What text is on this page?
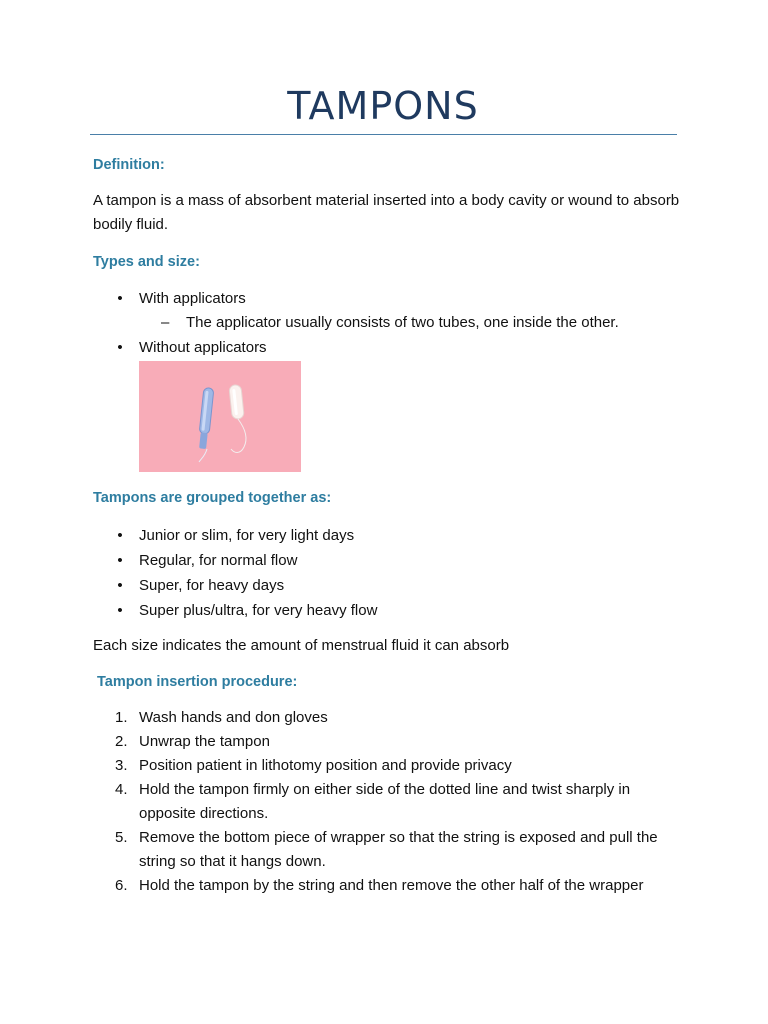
TAMPONS
Definition:

A tampon is a mass of absorbent material inserted into a body cavity or wound to absorb bodily fluid.

Types and size:
• With applicators

– The applicator usually consists of two tubes, one inside the other.

• Without applicators
Tampons are grouped together as:
• Junior or slim, for very light days
• Regular, for normal flow
• Super, for heavy days
• Super plus/ultra, for very heavy flow

Each size indicates the amount of menstrual fluid it can absorb

Tampon insertion procedure:
1. Wash hands and don gloves
2. Unwrap the tampon
3. Position patient in lithotomy position and provide privacy
4. Hold the tampon firmly on either side of the dotted line and twist sharply in opposite directions.
5. Remove the bottom piece of wrapper so that the string is exposed and pull the string so that it hangs down.
6. Hold the tampon by the string and then remove the other half of the wrapper
